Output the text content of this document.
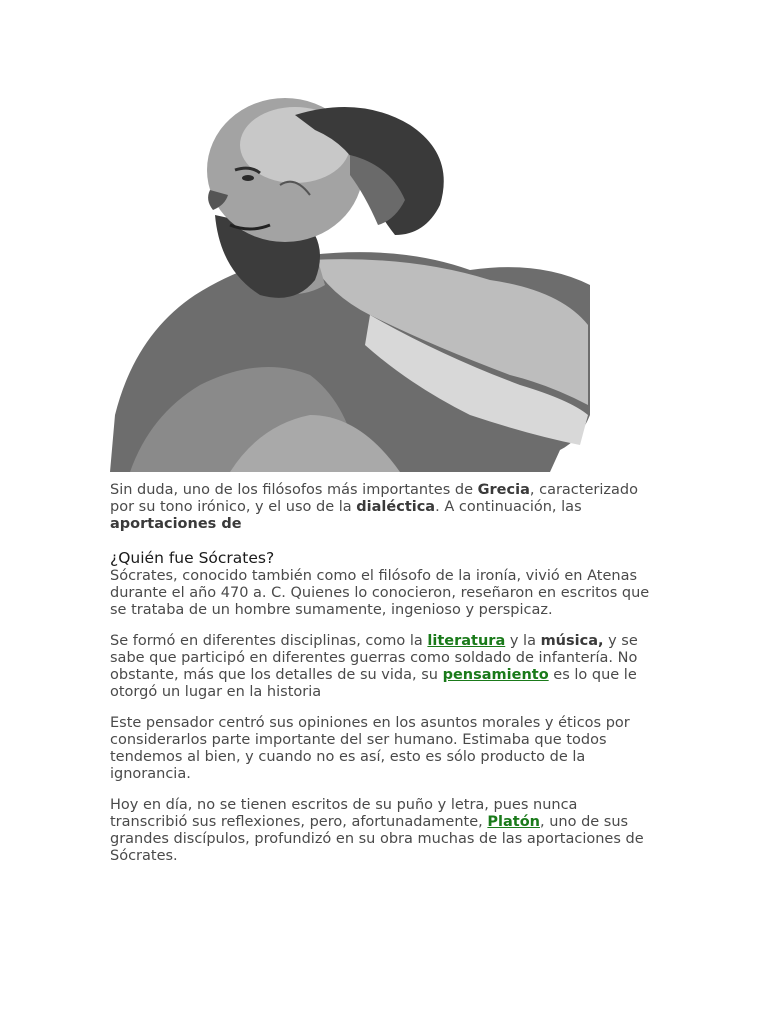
Sin duda, uno de los filósofos más importantes de Grecia, caracterizado por su tono irónico, y el uso de la dialéctica. A continuación, las aportaciones de

¿Quién fue Sócrates?

Sócrates, conocido también como el filósofo de la ironía, vivió en Atenas durante el año 470 a. C. Quienes lo conocieron, reseñaron en escritos que se trataba de un hombre sumamente, ingenioso y perspicaz.

Se formó en diferentes disciplinas, como la literatura y la música, y se sabe que participó en diferentes guerras como soldado de infantería. No obstante, más que los detalles de su vida, su pensamiento es lo que le otorgó un lugar en la historia

Este pensador centró sus opiniones en los asuntos morales y éticos por considerarlos parte importante del ser humano. Estimaba que todos tendemos al bien, y cuando no es así, esto es sólo producto de la ignorancia.

Hoy en día, no se tienen escritos de su puño y letra, pues nunca transcribió sus reflexiones, pero, afortunadamente, Platón, uno de sus grandes discípulos, profundizó en su obra muchas de las aportaciones de Sócrates.
